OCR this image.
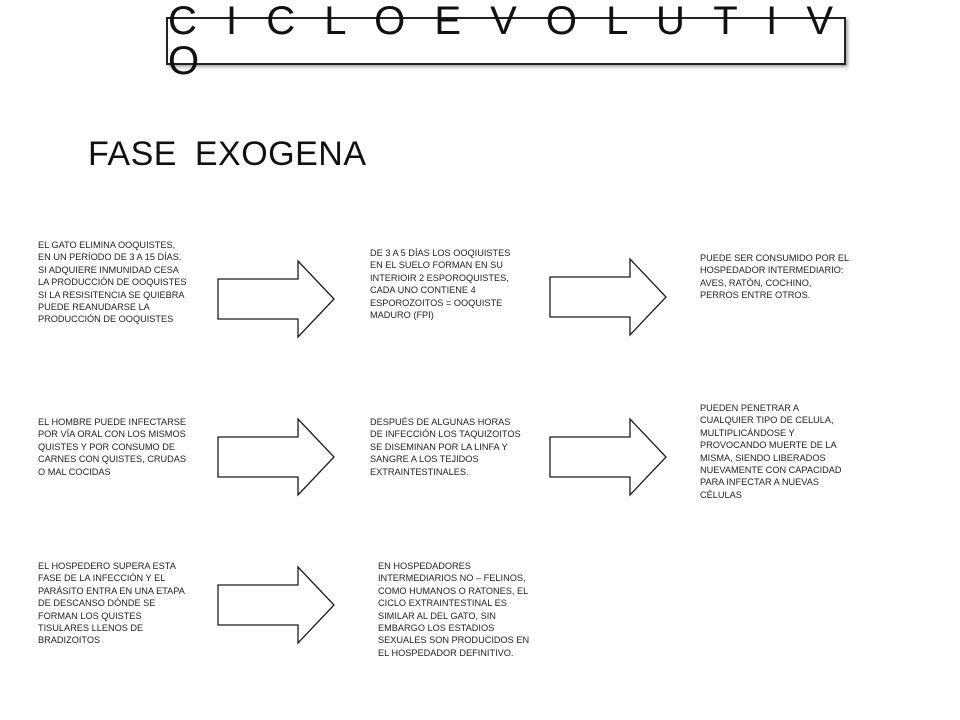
C I C L O E V O L U T I V O
FASE EXOGENA
EL GATO ELIMINA OOQUISTES,
EN UN PERÍODO DE 3 A 15 DÍAS.
SI ADQUIERE INMUNIDAD CESA
LA PRODUCCIÓN DE OOQUISTES
SI LA RESISITENCIA SE QUIEBRA
PUEDE REANUDARSE LA
PRODUCCIÓN DE OOQUISTES
DE 3 A 5 DÍAS LOS OOQIUISTES
EN EL SUELO FORMAN EN SU
INTERIOIR 2 ESPOROQUISTES,
CADA UNO CONTIENE 4
ESPOROZOITOS = OOQUISTE
MADURO (FPI)
PUEDE SER CONSUMIDO POR EL
HOSPEDADOR INTERMEDIARIO:
AVES, RATÓN, COCHINO,
PERROS ENTRE OTROS.
EL HOMBRE PUEDE INFECTARSE
POR VÍA ORAL CON LOS MISMOS
QUISTES Y POR CONSUMO DE
CARNES CON QUISTES, CRUDAS
O MAL COCIDAS
DESPUÉS DE ALGUNAS HORAS
DE INFECCIÓN LOS TAQUIZOITOS
SE DISEMINAN POR LA LINFA Y
SANGRE A LOS TEJIDOS
EXTRAINTESTINALES.
PUEDEN PENETRAR A
CUALQUIER TIPO DE CELULA,
MULTIPLICÁNDOSE Y
PROVOCANDO MUERTE DE LA
MISMA, SIENDO LIBERADOS
NUEVAMENTE CON CAPACIDAD
PARA INFECTAR A NUEVAS
CÉLULAS
EL HOSPEDERO SUPERA ESTA
FASE DE LA INFECCIÓN Y EL
PARÁSITO ENTRA EN UNA ETAPA
DE DESCANSO DÓNDE SE
FORMAN LOS QUISTES
TISULARES LLENOS DE
BRADIZOITOS
EN HOSPEDADORES
INTERMEDIARIOS NO – FELINOS,
COMO HUMANOS O RATONES, EL
CICLO EXTRAINTESTINAL ES
SIMILAR AL DEL GATO, SIN
EMBARGO LOS ESTADIOS
SEXUALES SON PRODUCIDOS EN
EL HOSPEDADOR DEFINITIVO.
